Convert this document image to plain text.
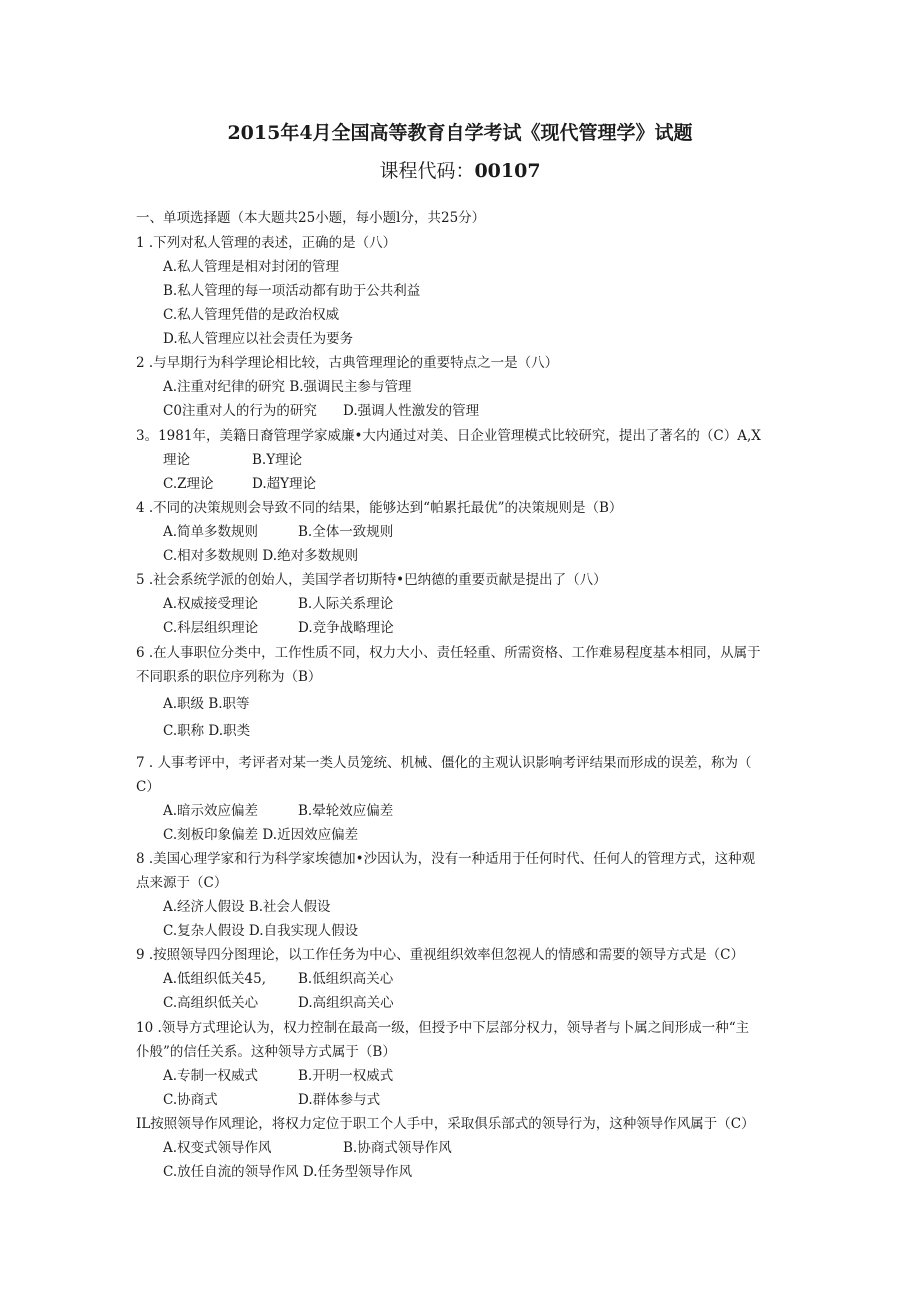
2015年4月全国高等教育自学考试《现代管理学》试题
课程代码：00107
一、单项选择题（本大题共25小题，每小题l分，共25分）
1 .下列对私人管理的表述，正确的是（八）
A.私人管理是相对封闭的管理
B.私人管理的每一项活动都有助于公共利益
C.私人管理凭借的是政治权威
D.私人管理应以社会责任为要务
2 .与早期行为科学理论相比较，古典管理理论的重要特点之一是（八）
A.注重对纪律的研究 B.强调民主参与管理
C0注重对人的行为的研究 D.强调人性激发的管理
3。1981年，美籍日裔管理学家威廉•大内通过对美、日企业管理模式比较研究，提出了著名的（C）A,X
理论	B.Y理论
C.Z理论	D.超Y理论
4 .不同的决策规则会导致不同的结果，能够达到“帕累托最优”的决策规则是（B）
A.简单多数规则	B.全体一致规则
C.相对多数规则 D.绝对多数规则
5 .社会系统学派的创始人，美国学者切斯特•巴纳德的重要贡献是提出了（八）
A.权威接受理论	B.人际关系理论
C.科层组织理论	D.竞争战略理论
6 .在人事职位分类中，工作性质不同，权力大小、责任轻重、所需资格、工作难易程度基本相同，从属于
不同职系的职位序列称为（B）
A.职级 B.职等
C.职称 D.职类
7 . 人事考评中，考评者对某一类人员笼统、机械、僵化的主观认识影响考评结果而形成的误差，称为（
C）
A.暗示效应偏差	B.晕轮效应偏差
C.刻板印象偏差 D.近因效应偏差
8 .美国心理学家和行为科学家埃德加•沙因认为，没有一种适用于任何时代、任何人的管理方式，这种观
点来源于（C）
A.经济人假设 B.社会人假设
C.复杂人假设 D.自我实现人假设
9 .按照领导四分图理论，以工作任务为中心、重视组织效率但忽视人的情感和需要的领导方式是（C）
A.低组织低关45, B.低组织高关心
C.高组织低关心	D.高组织高关心
10 .领导方式理论认为，权力控制在最高一级，但授予中下层部分权力，领导者与卜属之间形成一种“主
仆般”的信任关系。这种领导方式属于（B）
A.专制一权威式	B.开明一权威式
C.协商式	D.群体参与式
IL按照领导作风理论，将权力定位于职工个人手中，采取俱乐部式的领导行为，这种领导作风属于（C）
A.权变式领导作风	B.协商式领导作风
C.放任自流的领导作风 D.任务型领导作风
